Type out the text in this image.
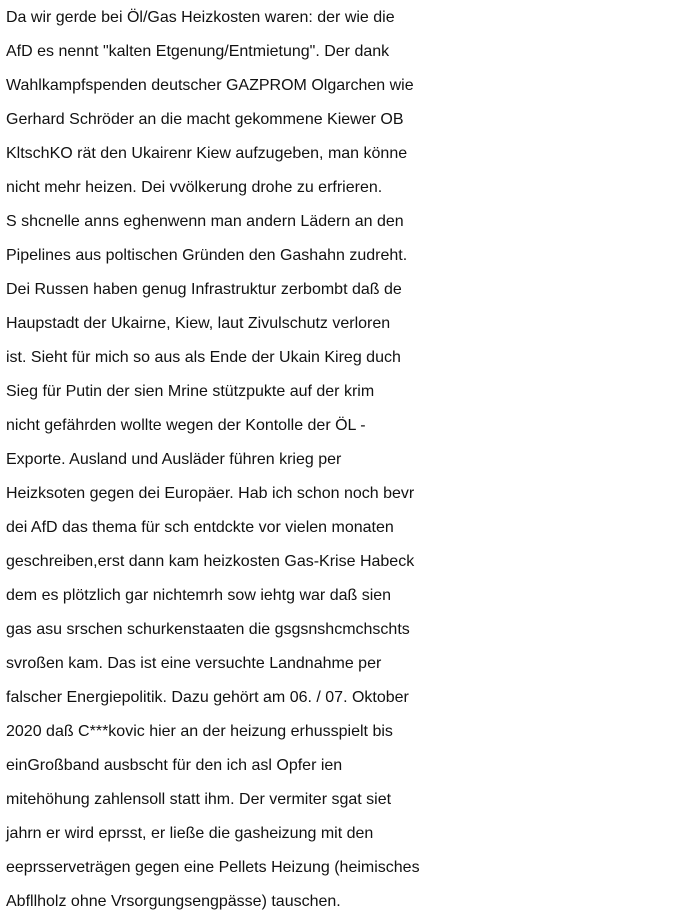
Da wir gerde bei Öl/Gas Heizkosten waren: der wie die
AfD es nennt "kalten Etgenung/Entmietung". Der dank
Wahlkampfspenden deutscher GAZPROM Olgarchen wie
Gerhard Schröder an die macht gekommene Kiewer OB
KltschKO rät den Ukairenr Kiew aufzugeben, man könne
nicht mehr heizen. Dei vvölkerung drohe zu erfrieren.
S shcnelle anns eghenwenn man andern Lädern an den
Pipelines aus poltischen Gründen den Gashahn zudreht.
Dei Russen haben genug Infrastruktur zerbombt daß de
Haupstadt der Ukairne, Kiew, laut Zivulschutz verloren
ist. Sieht für mich so aus als Ende der Ukain Kireg duch
Sieg für Putin der sien Mrine stützpukte auf der krim
nicht gefährden wollte wegen der Kontolle der ÖL -
Exporte. Ausland und Ausläder führen krieg per
Heizksoten gegen dei Europäer. Hab ich schon noch bevr
dei AfD das thema für sch entdckte vor vielen monaten
geschreiben,erst dann kam heizkosten Gas-Krise Habeck
dem es plötzlich gar nichtemrh sow iehtg war daß sien
gas asu srschen schurkenstaaten die gsgsnshcmchschts
svroßen kam. Das ist eine versuchte Landnahme per
falscher Energiepolitik. Dazu gehört am 06. / 07. Oktober
2020 daß C***kovic hier an der heizung erhusspielt bis
einGroßband ausbscht für den ich asl Opfer ien
mitehöhung zahlensoll statt ihm. Der vermiter sgat siet
jahrn er wird eprsst, er ließe die gasheizung mit den
eeprsserveträgen gegen eine Pellets Heizung (heimisches
Abfllholz ohne Vrsorgungsengpässe) tauschen.
